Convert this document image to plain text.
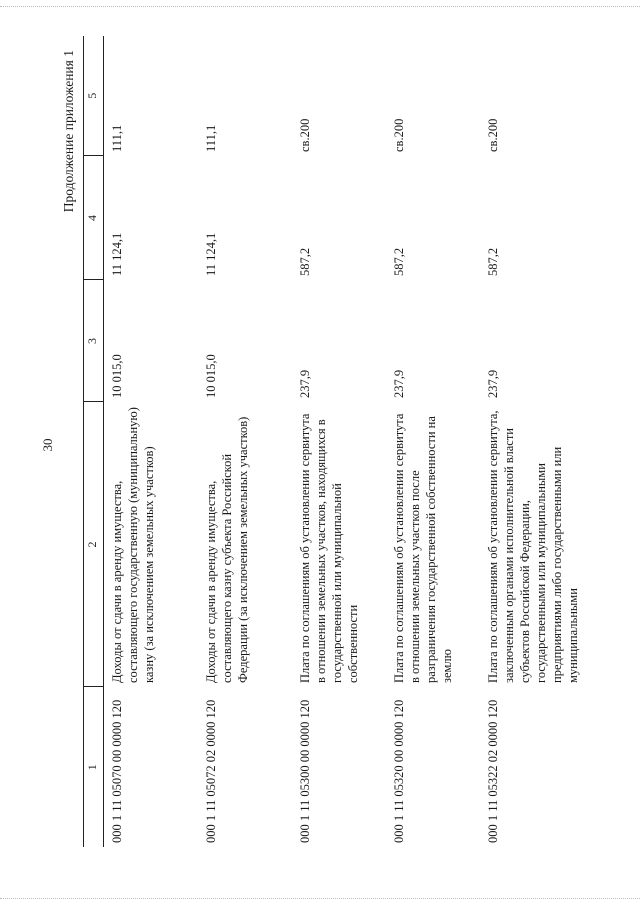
30
Продолжение приложения 1
1	2	3	4	5
000 1 11 05070 00 0000 120	Доходы от сдачи в аренду имущества, составляющего государственную (муниципальную) казну (за исключением земельных участков)	10 015,0	11 124,1	111,1
000 1 11 05072 02 0000 120	Доходы от сдачи в аренду имущества, составляющего казну субъекта Российской Федерации (за исключением земельных участков)	10 015,0	11 124,1	111,1
000 1 11 05300 00 0000 120	Плата по соглашениям об установлении сервитута в отношении земельных участков, находящихся в государственной или муниципальной собственности	237,9	587,2	св.200
000 1 11 05320 00 0000 120	Плата по соглашениям об установлении сервитута в отношении земельных участков после разграничения государственной собственности на землю	237,9	587,2	св.200
000 1 11 05322 02 0000 120	Плата по соглашениям об установлении сервитута, заключенным органами исполнительной власти субъектов Российской Федерации, государственными или муниципальными предприятиями либо государственными или муниципальными	237,9	587,2	св.200
